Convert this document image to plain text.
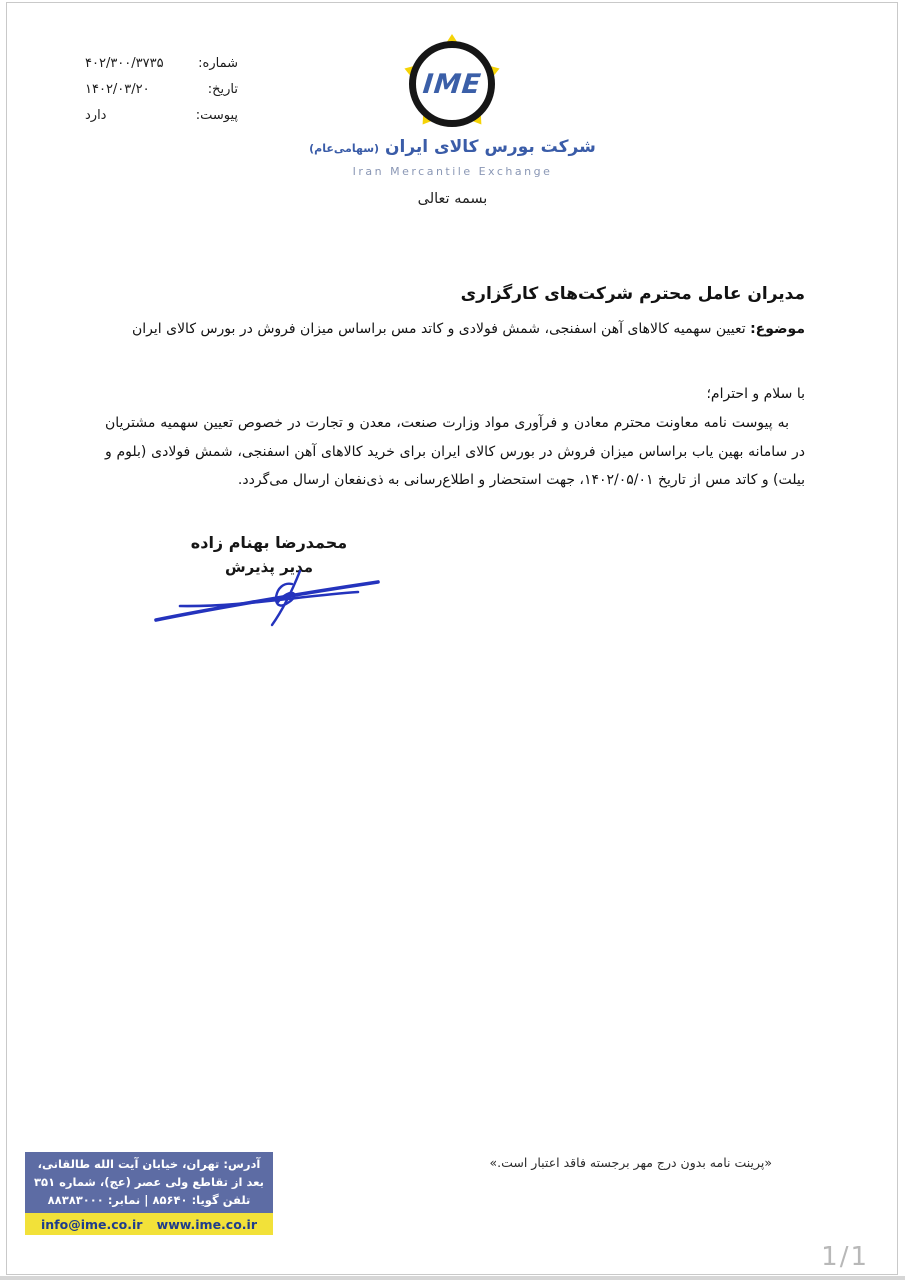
شماره:
۴۰۲/۳۰۰/۳۷۳۵
تاریخ:
۱۴۰۲/۰۳/۲۰
پیوست:
دارد
IME
شرکت بورس کالای ایران (سهامی‌عام)
Iran Mercantile Exchange
بسمه تعالی
مدیران عامل محترم شرکت‌های کارگزاری
موضوع: تعیین سهمیه کالاهای آهن اسفنجی، شمش فولادی و کاتد مس براساس میزان فروش در بورس کالای ایران
با سلام و احترام؛
به پیوست نامه معاونت محترم معادن و فرآوری مواد وزارت صنعت، معدن و تجارت در خصوص تعیین سهمیه مشتریان در سامانه بهین یاب براساس میزان فروش در بورس کالای ایران برای خرید کالاهای آهن اسفنجی، شمش فولادی (بلوم و بیلت) و کاتد مس از تاریخ ۱۴۰۲/۰۵/۰۱، جهت استحضار و اطلاع‌رسانی به ذی‌نفعان ارسال می‌گردد.
محمدرضا بهنام زاده
مدیر پذیرش
«پرینت نامه بدون درج مهر برجسته فاقد اعتبار است.»
آدرس: تهران، خیابان آیت الله طالقانی،
بعد از تقاطع ولی عصر (عج)، شماره ۳۵۱
تلفن گویا: ۸۵۶۴۰ | نمابر: ۸۸۳۸۳۰۰۰
info@ime.co.ir www.ime.co.ir
1/1
